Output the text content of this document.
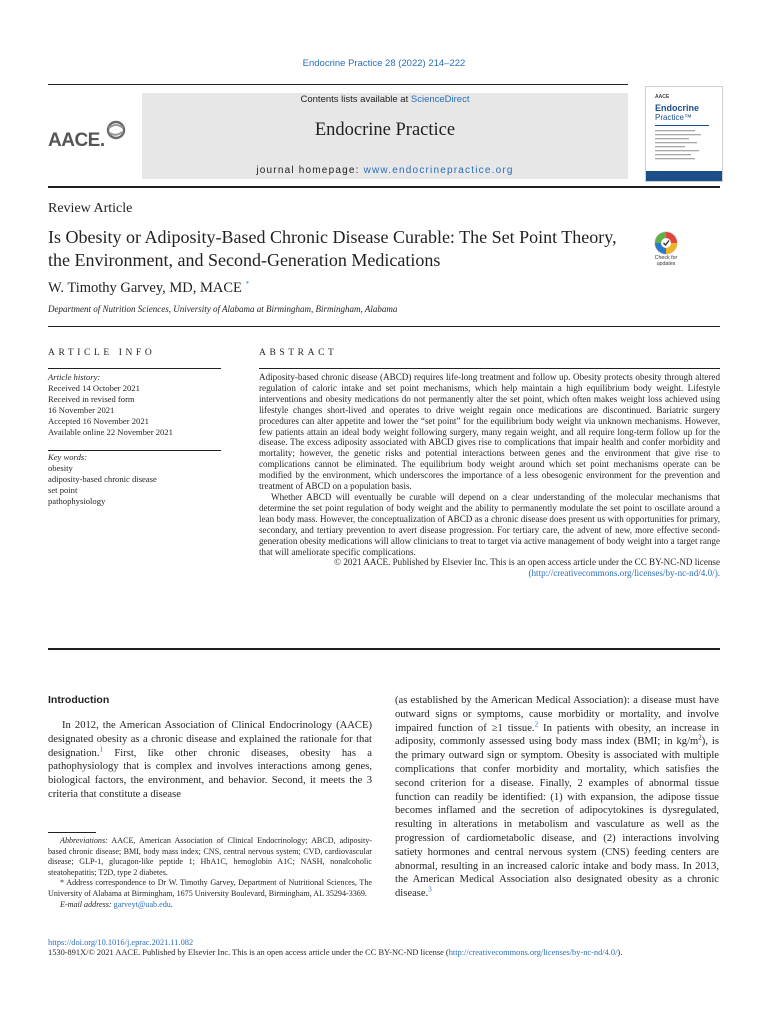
Endocrine Practice 28 (2022) 214–222
AACE.
Contents lists available at ScienceDirect
Endocrine Practice
journal homepage: www.endocrinepractice.org
AACE
Endocrine
Practice™
Review Article
Is Obesity or Adiposity-Based Chronic Disease Curable: The Set Point Theory, the Environment, and Second-Generation Medications	Check for updates
W. Timothy Garvey, MD, MACE *
Department of Nutrition Sciences, University of Alabama at Birmingham, Birmingham, Alabama
ARTICLE INFO	ABSTRACT
Article history:
Received 14 October 2021
Received in revised form
16 November 2021
Accepted 16 November 2021
Available online 22 November 2021
Key words:
obesity
adiposity-based chronic disease
set point
pathophysiology

Adiposity-based chronic disease (ABCD) requires life-long treatment and follow up. Obesity protects obesity through altered regulation of caloric intake and set point mechanisms, which help maintain a high equilibrium body weight. Lifestyle interventions and obesity medications do not permanently alter the set point, which often makes weight loss achieved using lifestyle changes short-lived and operates to drive weight regain once medications are discontinued. Bariatric surgery procedures can alter appetite and lower the “set point” for the equilibrium body weight via unknown mechanisms. However, few patients attain an ideal body weight following surgery, many regain weight, and all require long-term follow up for the disease. The excess adiposity associated with ABCD gives rise to complications that impair health and confer morbidity and mortality; however, the genetic risks and potential interactions between genes and the environment that give rise to complications cannot be eliminated. The equilibrium body weight around which set point mechanisms operate can be modified by the environment, which underscores the importance of a less obesogenic environment for the prevention and treatment of ABCD on a population basis.

Whether ABCD will eventually be curable will depend on a clear understanding of the molecular mechanisms that determine the set point regulation of body weight and the ability to permanently modulate the set point to oscillate around a lean body mass. However, the conceptualization of ABCD as a chronic disease does present us with opportunities for primary, secondary, and tertiary prevention to avert disease progression. For tertiary care, the advent of new, more effective second-generation obesity medications will allow clinicians to treat to target via active management of body weight into a target range that will ameliorate specific complications.

© 2021 AACE. Published by Elsevier Inc. This is an open access article under the CC BY-NC-ND license
(http://creativecommons.org/licenses/by-nc-nd/4.0/).

Introduction
In 2012, the American Association of Clinical Endocrinology (AACE) designated obesity as a chronic disease and explained the rationale for that designation.$^1$ First, like other chronic diseases, obesity has a pathophysiology that is complex and involves interactions among genes, biological factors, the environment, and behavior. Second, it meets the 3 criteria that constitute a disease
(as established by the American Medical Association): a disease must have outward signs or symptoms, cause morbidity or mortality, and involve impaired function of ≥1 tissue.$^2$ In patients with obesity, an increase in adiposity, commonly assessed using body mass index (BMI; in $kg/m^2$), is the primary outward sign or symptom. Obesity is associated with multiple complications that confer morbidity and mortality, which satisfies the second criterion for a disease. Finally, 2 examples of abnormal tissue function can readily be identified: (1) with expansion, the adipose tissue becomes inflamed and the secretion of adipocytokines is dysregulated, resulting in alterations in metabolism and vasculature as well as the progression of cardiometabolic disease, and (2) interactions involving satiety hormones and central nervous system (CNS) feeding centers are abnormal, resulting in an increased caloric intake and body mass. In 2013, the American Medical Association also designated obesity as a chronic disease.$^3$

Abbreviations: AACE, American Association of Clinical Endocrinology; ABCD, adiposity-based chronic disease; BMI, body mass index; CNS, central nervous system; CVD, cardiovascular disease; GLP-1, glucagon-like peptide 1; HbA1C, hemoglobin A1C; NASH, nonalcoholic steatohepatitis; T2D, type 2 diabetes.

* Address correspondence to Dr W. Timothy Garvey, Department of Nutritional Sciences, The University of Alabama at Birmingham, 1675 University Boulevard, Birmingham, AL 35294-3369.

E-mail address: garveyt@uab.edu.

https://doi.org/10.1016/j.eprac.2021.11.082
1530-891X/© 2021 AACE. Published by Elsevier Inc. This is an open access article under the CC BY-NC-ND license (http://creativecommons.org/licenses/by-nc-nd/4.0/).
